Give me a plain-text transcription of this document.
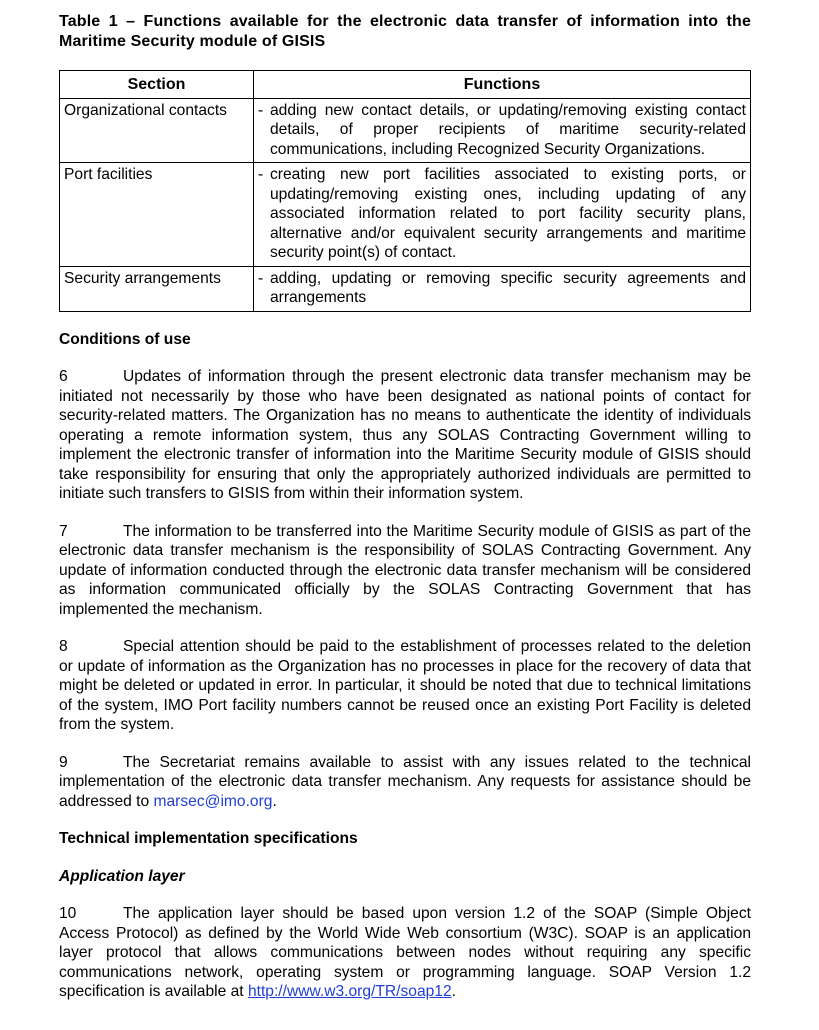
Table 1 – Functions available for the electronic data transfer of information into the Maritime Security module of GISIS

Section	Functions
Organizational contacts	- adding new contact details, or updating/removing existing contact details, of proper recipients of maritime security-related communications, including Recognized Security Organizations.

Port facilities	- creating new port facilities associated to existing ports, or updating/removing existing ones, including updating of any associated information related to port facility security plans, alternative and/or equivalent security arrangements and maritime security point(s) of contact.

Security arrangements	- adding, updating or removing specific security agreements and arrangements
Conditions of use

6	Updates of information through the present electronic data transfer mechanism may be initiated not necessarily by those who have been designated as national points of contact for security-related matters. The Organization has no means to authenticate the identity of individuals operating a remote information system, thus any SOLAS Contracting Government willing to implement the electronic transfer of information into the Maritime Security module of GISIS should take responsibility for ensuring that only the appropriately authorized individuals are permitted to initiate such transfers to GISIS from within their information system.

7	The information to be transferred into the Maritime Security module of GISIS as part of the electronic data transfer mechanism is the responsibility of SOLAS Contracting Government. Any update of information conducted through the electronic data transfer mechanism will be considered as information communicated officially by the SOLAS Contracting Government that has implemented the mechanism.

8	Special attention should be paid to the establishment of processes related to the deletion or update of information as the Organization has no processes in place for the recovery of data that might be deleted or updated in error. In particular, it should be noted that due to technical limitations of the system, IMO Port facility numbers cannot be reused once an existing Port Facility is deleted from the system.

9	The Secretariat remains available to assist with any issues related to the technical implementation of the electronic data transfer mechanism. Any requests for assistance should be addressed to marsec@imo.org.

Technical implementation specifications
Application layer

10	The application layer should be based upon version 1.2 of the SOAP (Simple Object Access Protocol) as defined by the World Wide Web consortium (W3C). SOAP is an application layer protocol that allows communications between nodes without requiring any specific communications network, operating system or programming language. SOAP Version 1.2 specification is available at http://www.w3.org/TR/soap12.
